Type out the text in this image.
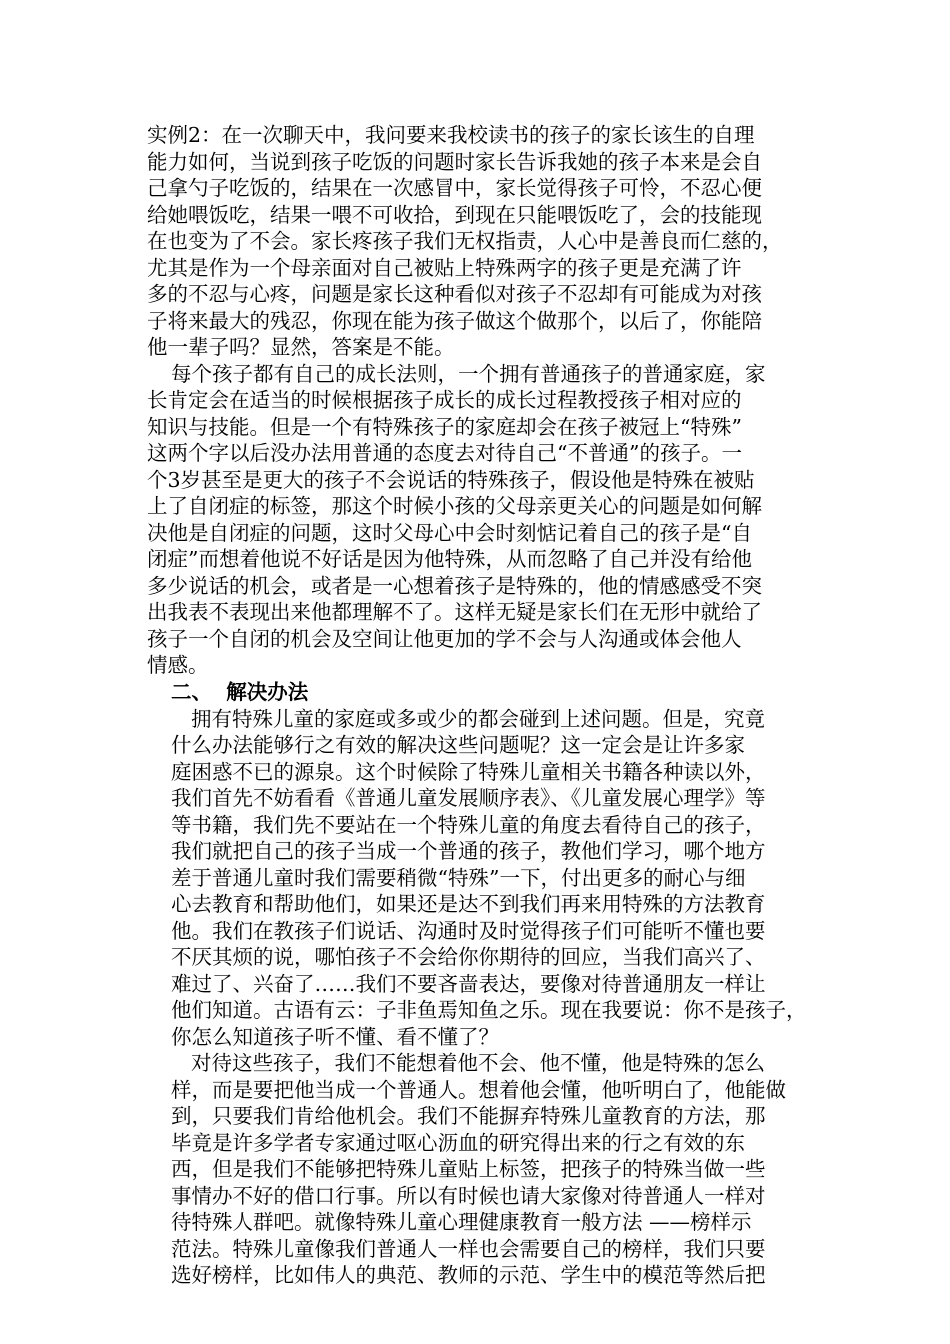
实例2：在一次聊天中，我问要来我校读书的孩子的家长该生的自理
能力如何，当说到孩子吃饭的问题时家长告诉我她的孩子本来是会自
己拿勺子吃饭的，结果在一次感冒中，家长觉得孩子可怜，不忍心便
给她喂饭吃，结果一喂不可收拾，到现在只能喂饭吃了，会的技能现
在也变为了不会。家长疼孩子我们无权指责，人心中是善良而仁慈的，
尤其是作为一个母亲面对自己被贴上特殊两字的孩子更是充满了许
多的不忍与心疼，问题是家长这种看似对孩子不忍却有可能成为对孩
子将来最大的残忍，你现在能为孩子做这个做那个，以后了，你能陪
他一辈子吗？显然，答案是不能。
每个孩子都有自己的成长法则，一个拥有普通孩子的普通家庭，家
长肯定会在适当的时候根据孩子成长的成长过程教授孩子相对应的
知识与技能。但是一个有特殊孩子的家庭却会在孩子被冠上“特殊”
这两个字以后没办法用普通的态度去对待自己“不普通”的孩子。一
个3岁甚至是更大的孩子不会说话的特殊孩子，假设他是特殊在被贴
上了自闭症的标签，那这个时候小孩的父母亲更关心的问题是如何解
决他是自闭症的问题，这时父母心中会时刻惦记着自己的孩子是“自
闭症”而想着他说不好话是因为他特殊，从而忽略了自己并没有给他
多少说话的机会，或者是一心想着孩子是特殊的，他的情感感受不突
出我表不表现出来他都理解不了。这样无疑是家长们在无形中就给了
孩子一个自闭的机会及空间让他更加的学不会与人沟通或体会他人
情感。
二、  解决办法
拥有特殊儿童的家庭或多或少的都会碰到上述问题。但是，究竟
什么办法能够行之有效的解决这些问题呢？这一定会是让许多家
庭困惑不已的源泉。这个时候除了特殊儿童相关书籍各种读以外，
我们首先不妨看看《普通儿童发展顺序表》、《儿童发展心理学》等
等书籍，我们先不要站在一个特殊儿童的角度去看待自己的孩子，
我们就把自己的孩子当成一个普通的孩子，教他们学习，哪个地方
差于普通儿童时我们需要稍微“特殊”一下，付出更多的耐心与细
心去教育和帮助他们，如果还是达不到我们再来用特殊的方法教育
他。我们在教孩子们说话、沟通时及时觉得孩子们可能听不懂也要
不厌其烦的说，哪怕孩子不会给你你期待的回应，当我们高兴了、
难过了、兴奋了……我们不要吝啬表达，要像对待普通朋友一样让
他们知道。古语有云：子非鱼焉知鱼之乐。现在我要说：你不是孩子，
你怎么知道孩子听不懂、看不懂了？
对待这些孩子，我们不能想着他不会、他不懂，他是特殊的怎么
样，而是要把他当成一个普通人。想着他会懂，他听明白了，他能做
到，只要我们肯给他机会。我们不能摒弃特殊儿童教育的方法，那
毕竟是许多学者专家通过呕心沥血的研究得出来的行之有效的东
西，但是我们不能够把特殊儿童贴上标签，把孩子的特殊当做一些
事情办不好的借口行事。所以有时候也请大家像对待普通人一样对
待特殊人群吧。就像特殊儿童心理健康教育一般方法 ——榜样示
范法。特殊儿童像我们普通人一样也会需要自己的榜样，我们只要
选好榜样，比如伟人的典范、教师的示范、学生中的模范等然后把
